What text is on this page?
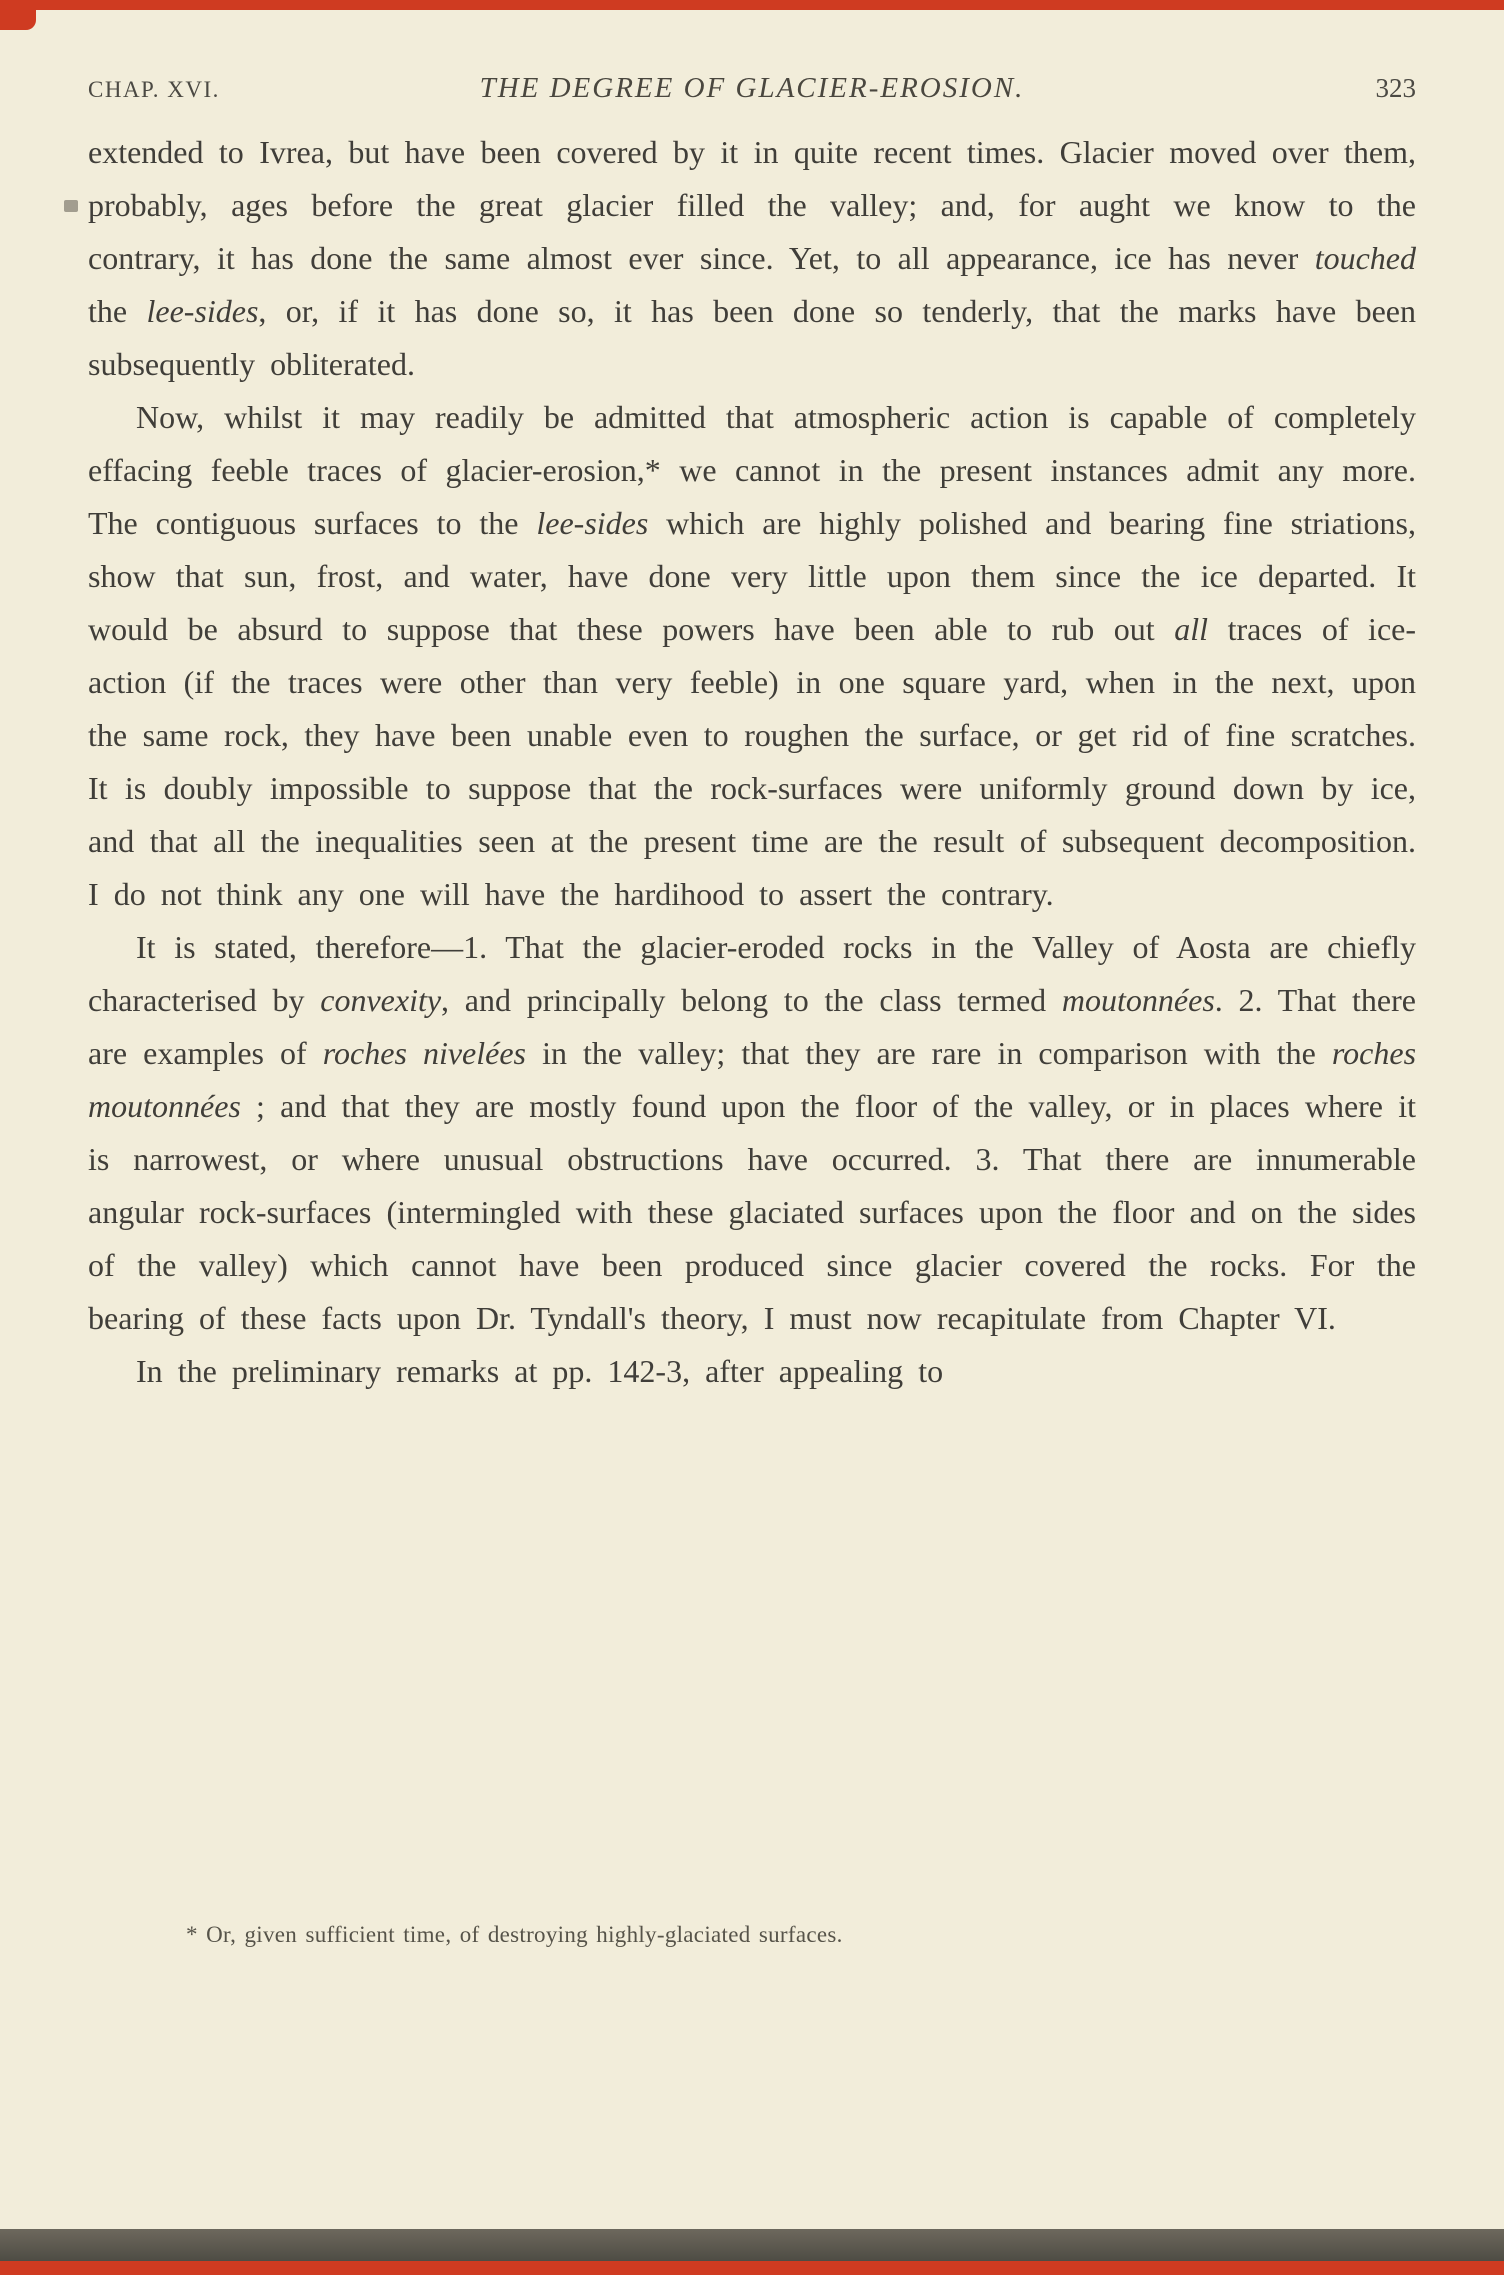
CHAP. XVI.	THE DEGREE OF GLACIER-EROSION.	323

extended to Ivrea, but have been covered by it in quite recent times. Glacier moved over them, probably, ages before the great glacier filled the valley; and, for aught we know to the contrary, it has done the same almost ever since. Yet, to all appearance, ice has never touched the lee-sides, or, if it has done so, it has been done so tenderly, that the marks have been subsequently obliterated.

Now, whilst it may readily be admitted that atmospheric action is capable of completely effacing feeble traces of glacier-erosion,* we cannot in the present instances admit any more. The contiguous surfaces to the lee-sides which are highly polished and bearing fine striations, show that sun, frost, and water, have done very little upon them since the ice departed. It would be absurd to suppose that these powers have been able to rub out all traces of ice-action (if the traces were other than very feeble) in one square yard, when in the next, upon the same rock, they have been unable even to roughen the surface, or get rid of fine scratches. It is doubly impossible to suppose that the rock-surfaces were uniformly ground down by ice, and that all the inequalities seen at the present time are the result of subsequent decomposition. I do not think any one will have the hardihood to assert the contrary.

It is stated, therefore—1. That the glacier-eroded rocks in the Valley of Aosta are chiefly characterised by convexity, and principally belong to the class termed moutonnées. 2. That there are examples of roches nivelées in the valley; that they are rare in comparison with the roches moutonnées ; and that they are mostly found upon the floor of the valley, or in places where it is narrowest, or where unusual obstructions have occurred. 3. That there are innumerable angular rock-surfaces (intermingled with these glaciated surfaces upon the floor and on the sides of the valley) which cannot have been produced since glacier covered the rocks. For the bearing of these facts upon Dr. Tyndall's theory, I must now recapitulate from Chapter VI.

In the preliminary remarks at pp. 142-3, after appealing to

* Or, given sufficient time, of destroying highly-glaciated surfaces.
